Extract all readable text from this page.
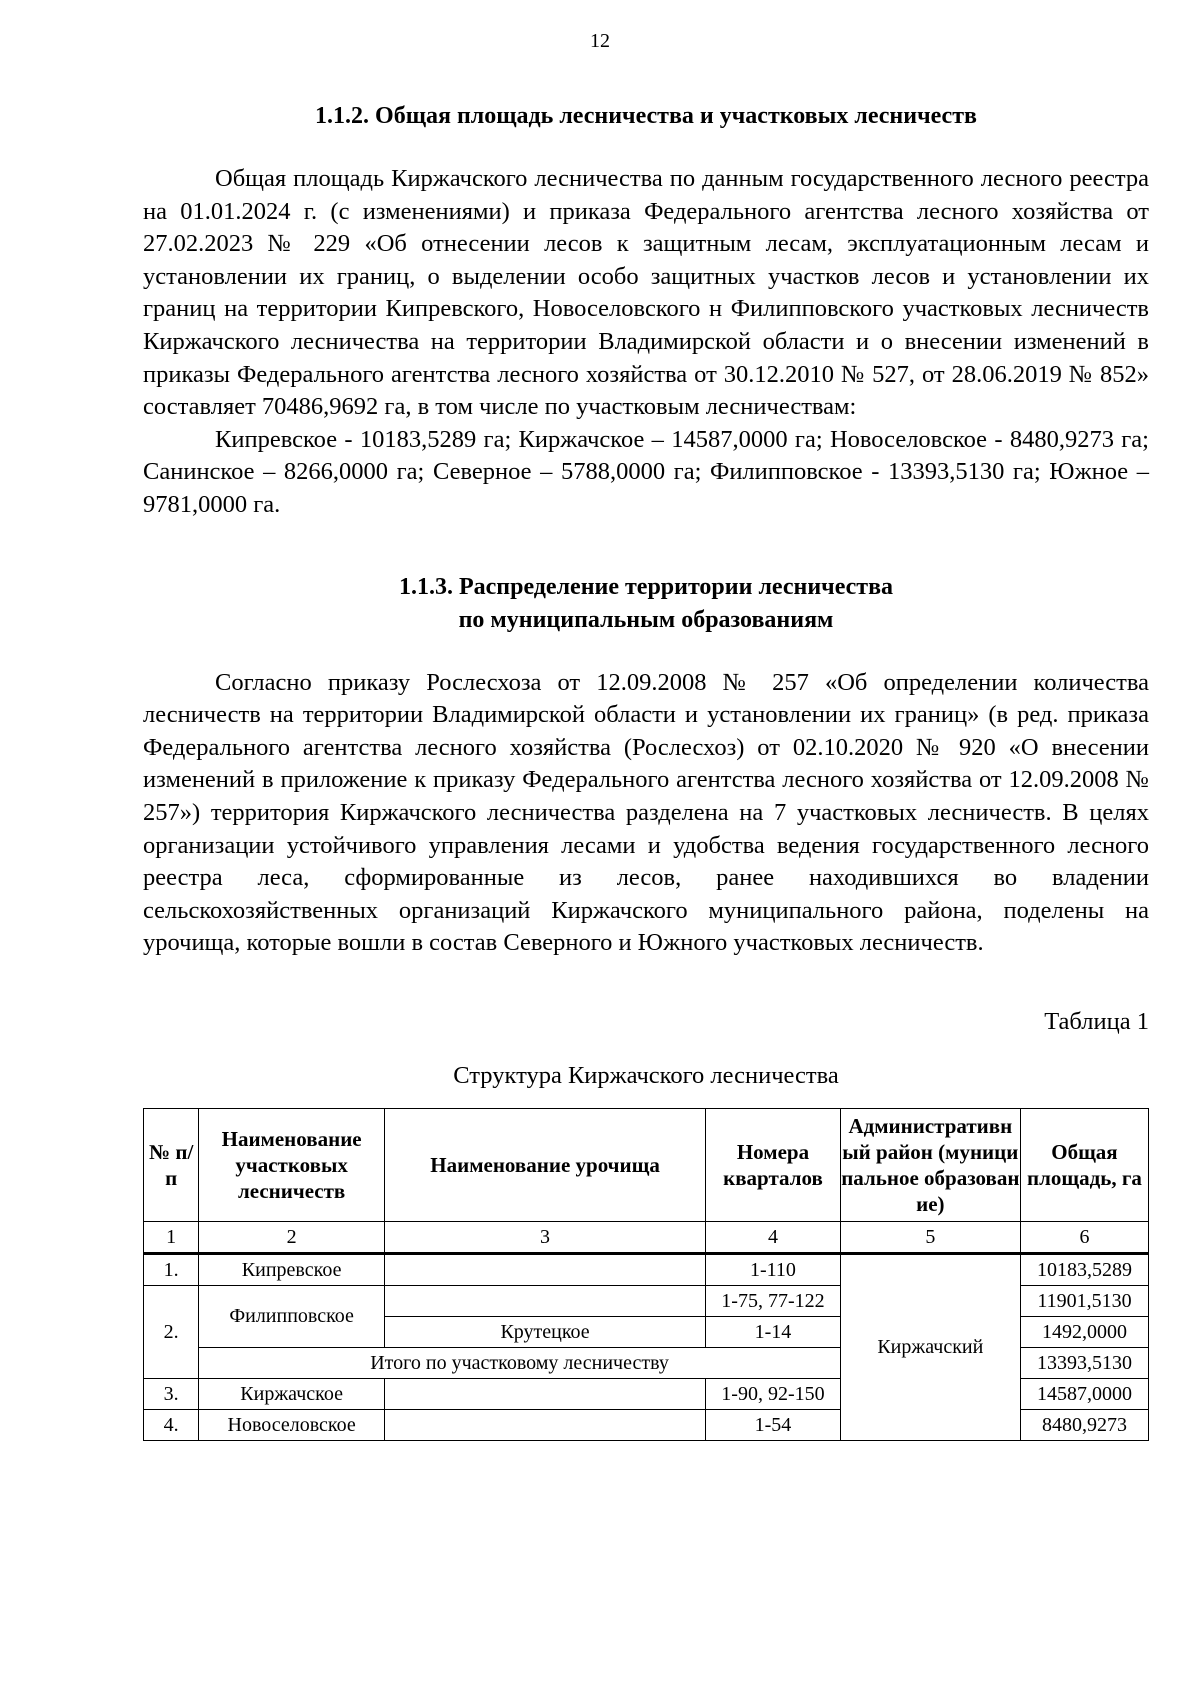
12
1.1.2. Общая площадь лесничества и участковых лесничеств

Общая площадь Киржачского лесничества по данным государственного лесного реестра на 01.01.2024 г. (с изменениями) и приказа Федерального агентства лесного хозяйства от 27.02.2023 № 229 «Об отнесении лесов к защитным лесам, эксплуатационным лесам и установлении их границ, о выделении особо защитных участков лесов и установлении их границ на территории Кипревского, Новоселовского н Филипповского участковых лесничеств Киржачского лесничества на территории Владимирской области и о внесении изменений в приказы Федерального агентства лесного хозяйства от 30.12.2010 № 527, от 28.06.2019 № 852» составляет 70486,9692 га, в том числе по участковым лесничествам:

Кипревское - 10183,5289 га; Киржачское – 14587,0000 га; Новоселовское - 8480,9273 га; Санинское – 8266,0000 га; Северное – 5788,0000 га; Филипповское - 13393,5130 га; Южное – 9781,0000 га.

1.1.3. Распределение территории лесничества
по муниципальным образованиям

Согласно приказу Рослесхоза от 12.09.2008 № 257 «Об определении количества лесничеств на территории Владимирской области и установлении их границ» (в ред. приказа Федерального агентства лесного хозяйства (Рослесхоз) от 02.10.2020 № 920 «О внесении изменений в приложение к приказу Федерального агентства лесного хозяйства от 12.09.2008 № 257») территория Киржачского лесничества разделена на 7 участковых лесничеств. В целях организации устойчивого управления лесами и удобства ведения государственного лесного реестра леса, сформированные из лесов, ранее находившихся во владении сельскохозяйственных организаций Киржачского муниципального района, поделены на урочища, которые вошли в состав Северного и Южного участковых лесничеств.

Таблица 1
Структура Киржачского лесничества
№ п/п	Наименование участковых лесничеств	Наименование урочища	Номера кварталов	Административный район (муниципальное образование)	Общая площадь, га
1	2	3	4	5	6
1.	Кипревское		1-110	Киржачский	10183,5289
2.	Филипповское		1-75, 77-122		11901,5130
		Крутецкое	1-14		1492,0000
	Итого по участковому лесничеству				13393,5130
3.	Киржачское		1-90, 92-150		14587,0000
4.	Новоселовское		1-54		8480,9273
